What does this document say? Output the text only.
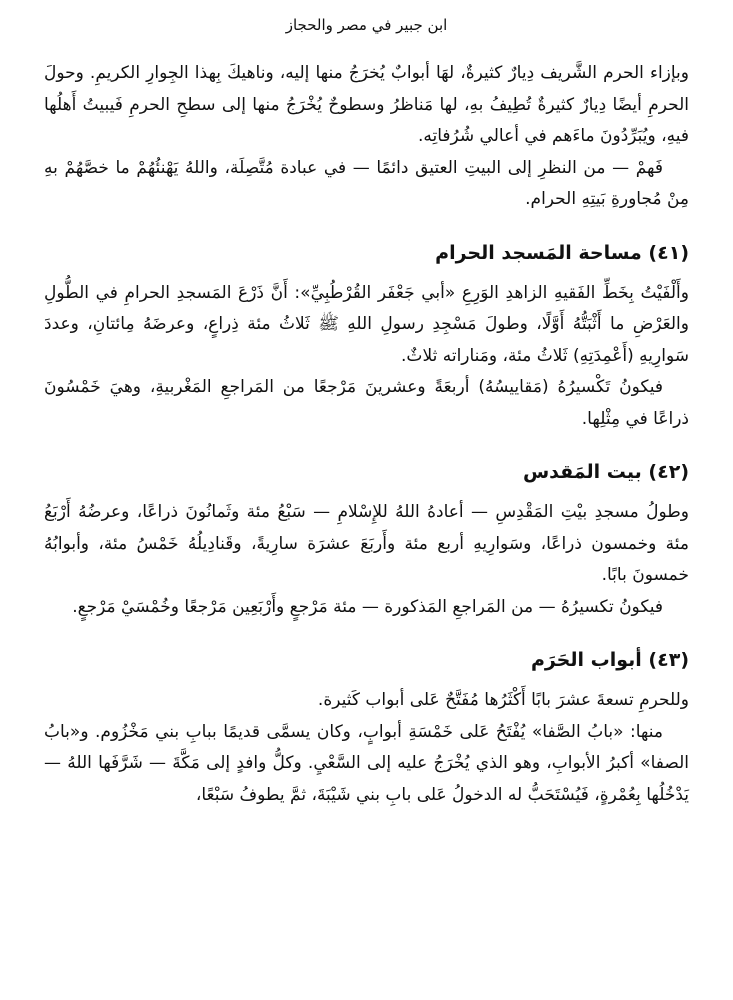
ابن جبير في مصر والحجاز

وبإزاء الحرم الشَّريف دِيارٌ كثيرةٌ، لهَا أبوابٌ يُخرَجُ منها إليه، وناهيكَ بِهذا الجِوارِ الكريمِ. وحولَ الحرمِ أيضًا دِيارٌ كثيرةٌ تُطِيفُ بهِ، لها مَناظرُ وسطوحٌ يُخْرَجُ منها إلى سطحِ الحرمِ فَيبيتُ أَهلُها فيهِ، ويُبَرِّدُونَ ماءَهم في أعالي شُرُفاتِه.

فَهمْ — من النظرِ إلى البيتِ العتيق دائمًا — في عبادة مُتَّصِلَة، واللهُ يَهْنئُهُمْ ما خصَّهُمْ بهِ مِنْ مُجاورةِ بَيتِهِ الحرام.

(٤١) مساحة المَسجد الحرام

وأَلْفَيْتُ بِخَطِّ الفَقيهِ الزاهدِ الوَرِعِ «أبي جَعْفَر القُرْطُبِيِّ»: أَنَّ ذَرْعَ المَسجدِ الحرامِ في الطُّولِ والعَرْضِ ما أَثْبَتُّهُ أَوَّلًا، وطولَ مَسْجِدِ رسولِ اللهِ ﷺ ثَلاثُ مئة ذِراعٍ، وعرضَهُ مِائتانِ، وعددَ سَوارِيهِ (أَعْمِدَتِهِ) ثَلاثُ مئة، ومَناراته ثلاثٌ.

فيكونُ تَكْسيرُهُ (مَقاييسُهُ) أربعَةً وعشرينَ مَرْجعًا من المَراجعِ المَغْربيةِ، وهيَ خَمْسُونَ ذراعًا في مِثْلِها.

(٤٢) بيت المَقدس

وطولُ مسجدِ بيْتِ المَقْدِسِ — أعادهُ اللهُ للإِسْلامِ — سَبْعُ مئة وثَمانُونَ ذراعًا، وعرضُهُ أَرْبَعُ مئة وخمسون ذراعًا، وسَوارِيهِ أربع مئة وأَربَعَ عشرَة سارِيةً، وقَنادِيلُهُ خَمْسُ مئة، وأبوابُهُ خمسونَ بابًا.

فيكونُ تكسيرُهُ — من المَراجعِ المَذكورة — مئة مَرْجعٍ وأَرْبَعِين مَرْجعًا وخُمْسَيْ مَرْجعٍ.

(٤٣) أبواب الحَرَم

وللحرمِ تسعةَ عشرَ بابًا أَكْثَرُها مُفَتَّحٌ عَلى أبواب كَثيرة.

منها: «بابُ الصَّفا» يُفْتَحُ عَلى خَمْسَةِ أبوابٍ، وكان يسمَّى قديمًا ببابِ بني مَخْزُوم. و«بابُ الصفا» أكبرُ الأبوابِ، وهو الذي يُخْرَجُ عليه إلى السَّعْيِ. وكلُّ وافدٍ إلى مَكَّةَ — شَرَّفَها اللهُ — يَدْخُلُها بِعُمْرةٍ، فَيُسْتَحَبُّ له الدخولُ عَلى بابِ بني شَيْبَةَ، ثمَّ يطوفُ سَبْعًا،
